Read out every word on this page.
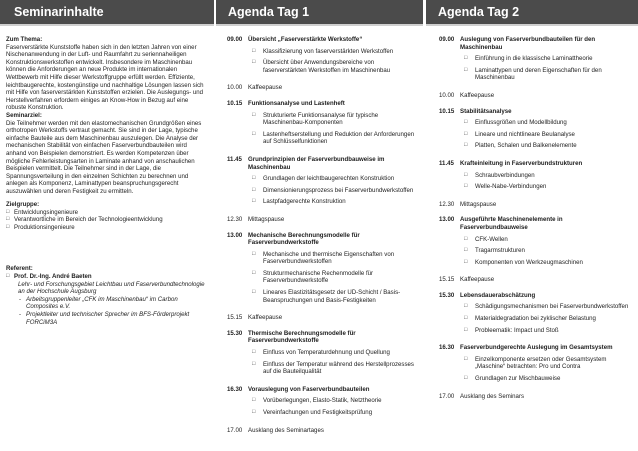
Seminarinhalte
Zum Thema:

Faserverstärkte Kunststoffe haben sich in den letzten Jahren von einer Nischenanwendung in der Luft- und Raumfahrt zu seriennaheiligen Konstruktionswerkstoffen entwickelt. Insbesondere im Maschinenbau können die Anforderungen an neue Produkte im internationalen Wettbewerb mit Hilfe dieser Werkstoffgruppe erfüllt werden. Effiziente, leichtbaugerechte, kostengünstige und nachhaltige Lösungen lassen sich mit Hilfe von faserverstärkten Kunststoffen erzielen. Die Auslegungs- und Herstellverfahren erfordern einiges an Know-How in Bezug auf eine robuste Konstruktion.

Seminarziel:

Die Teilnehmer werden mit den elastomechanischen Grundgrößen eines orthotropen Werkstoffs vertraut gemacht. Sie sind in der Lage, typische einfache Bauteile aus dem Maschinenbau auszulegen. Die Analyse der mechanischen Stabilität von einfachen Faserverbundbauteilen wird anhand von Beispielen demonstriert. Es werden Kompetenzen über mögliche Fehlerleistungsarten in Laminate anhand von anschaulichen Beispielen vermittelt. Die Teilnehmer sind in der Lage, die Spannungsverteilung in den einzelnen Schichten zu berechnen und anlegen als Komponenz, Laminattypen beanspruchungsgerecht auszuwählen und deren Festigkeit zu ermitteln.

Zielgruppe:
□ Entwicklungsingenieure
□ Verantwortliche im Bereich der Technologieentwicklung
□ Produktionsingenieure
Referent:
□ Prof. Dr.-Ing. André Baeten
Lehr- und Forschungsgebiet Leichtbau und Faserverbundtechnologie an der Hochschule Augsburg
- Arbeitsgruppenleiter „CFK im Maschinenbau“ im Carbon Composites e.V.
- Projektleiter und technischer Sprecher im BFS-Förderprojekt FORCiM3A
Agenda Tag 1
09.00 Übersicht „Faserverstärkte Werkstoffe“
□ Klassifizierung von faserverstärkten Werkstoffen
□ Übersicht über Anwendungsbereiche von faserverstärkten Werkstoffen im Maschinenbau
10.00 Kaffeepause
10.15 Funktionsanalyse und Lastenheft
□ Strukturierte Funktionsanalyse für typische Maschinenbau-Komponenten
□ Lastenheftserstellung und Reduktion der Anforderungen auf Schlüsselfunktionen
11.45 Grundprinzipien der Faserverbundbauweise im Maschinenbau
□ Grundlagen der leichtbaugerechten Konstruktion
□ Dimensionierungsprozess bei Faserverbundwerkstoffen
□ Lastpfadgerechte Konstruktion
12.30 Mittagspause
13.00 Mechanische Berechnungsmodelle für Faserverbundwerkstoffe
□ Mechanische und thermische Eigenschaften von Faserverbundwerkstoffen
□ Strukturmechanische Rechenmodelle für Faserverbundwerkstoffe
□ Lineares Elastizitätsgesetz der UD-Schicht / Basis-Beanspruchungen und Basis-Festigkeiten
15.15 Kaffeepause
15.30 Thermische Berechnungsmodelle für Faserverbundwerkstoffe
□ Einfluss von Temperaturdehnung und Quellung
□ Einfluss der Temperatur während des Herstellprozesses auf die Bauteilqualität
16.30 Vorauslegung von Faserverbundbauteilen
□ Vorüberlegungen, Elasto-Statik, Netztheorie
□ Vereinfachungen und Festigkeitsprüfung
17.00 Ausklang des Seminartages
Agenda Tag 2
09.00 Auslegung von Faserverbundbauteilen für den Maschinenbau
□ Einführung in die klassische Laminattheorie
□ Laminattypen und deren Eigenschaften für den Maschinenbau
10.00 Kaffeepause
10.15 Stabilitätsanalyse
□ Einflussgrößen und Modellbildung
□ Lineare und nichtlineare Beulanalyse
□ Platten, Schalen und Balkenelemente
11.45 Krafteinleitung in Faserverbundstrukturen
□ Schraubverbindungen
□ Welle-Nabe-Verbindungen
12.30 Mittagspause
13.00 Ausgeführte Maschinenelemente in Faserverbundbauweise
□ CFK-Wellen
□ Tragarmstrukturen
□ Komponenten von Werkzeugmaschinen
15.15 Kaffeepause
15.30 Lebensdauerabschätzung
□ Schädigungsmechanismen bei Faserverbundwerkstoffen
□ Materialdegradation bei zyklischer Belastung
□ Probleematik: Impact und Stoß
16.30 Faserverbundgerechte Auslegung im Gesamtsystem
□ Einzelkomponente ersetzen oder Gesamtsystem „Maschine“ betrachten: Pro und Contra
□ Grundlagen zur Mischbauweise
17.00 Ausklang des Seminars
